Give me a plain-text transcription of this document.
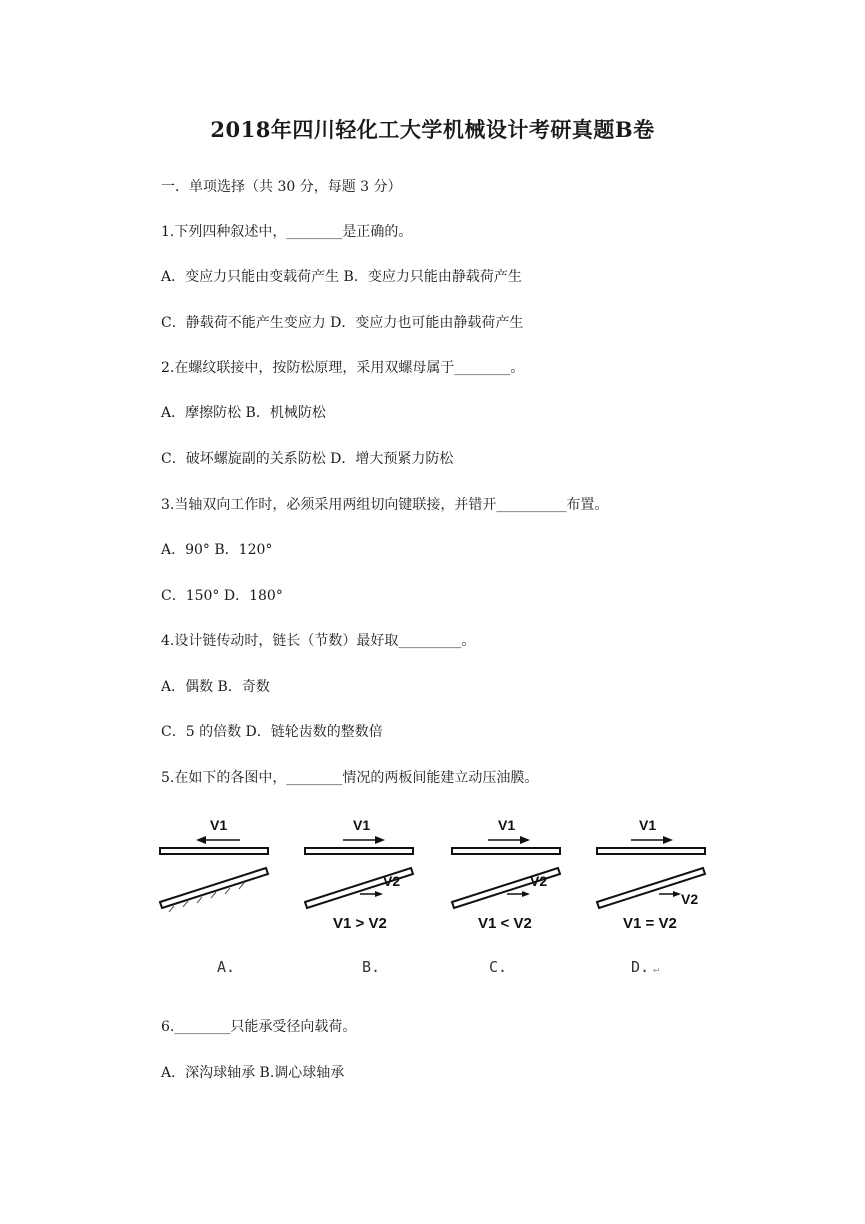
2018年四川轻化工大学机械设计考研真题B卷

一．单项选择（共 30 分，每题 3 分）

1.下列四种叙述中，________是正确的。

A．变应力只能由变载荷产生 B．变应力只能由静载荷产生

C．静载荷不能产生变应力 D．变应力也可能由静载荷产生

2.在螺纹联接中，按防松原理，采用双螺母属于________。

A．摩擦防松 B．机械防松

C．破坏螺旋副的关系防松 D．增大预紧力防松

3.当轴双向工作时，必须采用两组切向键联接，并错开__________布置。

A．90° B．120°

C．150° D．180°

4.设计链传动时，链长（节数）最好取_________。

A．偶数 B．奇数

C．5 的倍数 D．链轮齿数的整数倍

5.在如下的各图中，________情况的两板间能建立动压油膜。

V1
A.
V1
V2
V1 > V2
B.
V1
V2
V1 < V2
C.
V1
V2
V1 = V2
D. ↵

6.________只能承受径向载荷。

A．深沟球轴承 B.调心球轴承
